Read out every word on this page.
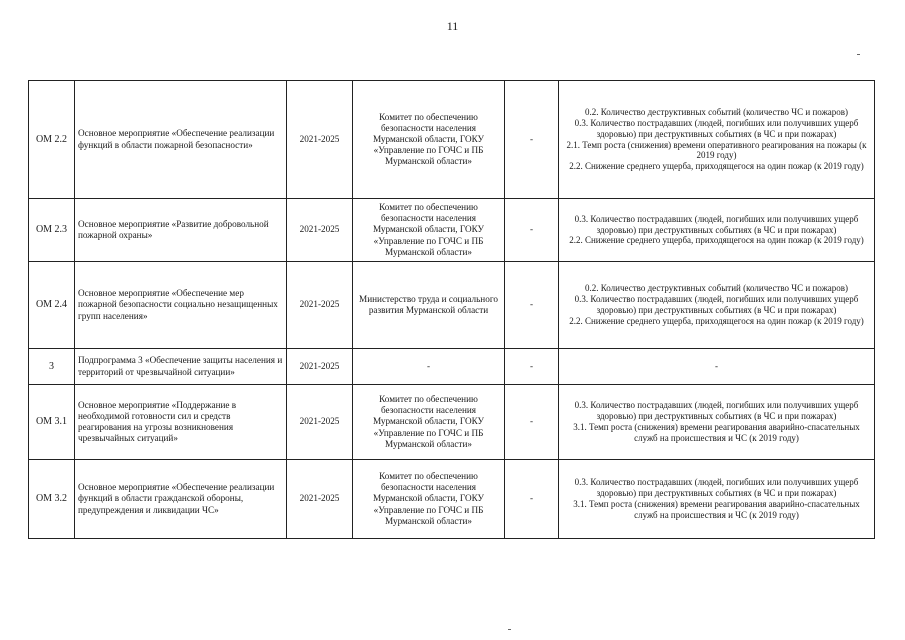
11
ОМ 2.2	Основное мероприятие «Обеспечение реализации функций в области пожарной безопасности»	2021-2025	Комитет по обеспечению безопасности населения Мурманской области, ГОКУ «Управление по ГОЧС и ПБ Мурманской области»	-	0.2. Количество деструктивных событий (количество ЧС и пожаров)
0.3. Количество пострадавших (людей, погибших или получивших ущерб здоровью) при деструктивных событиях (в ЧС и при пожарах)
2.1. Темп роста (снижения) времени оперативного реагирования на пожары (к 2019 году)
2.2. Снижение среднего ущерба, приходящегося на один пожар (к 2019 году)

ОМ 2.3	Основное мероприятие «Развитие добровольной пожарной охраны»	2021-2025	Комитет по обеспечению безопасности населения Мурманской области, ГОКУ «Управление по ГОЧС и ПБ Мурманской области»	-	0.3. Количество пострадавших (людей, погибших или получивших ущерб здоровью) при деструктивных событиях (в ЧС и при пожарах)
2.2. Снижение среднего ущерба, приходящегося на один пожар (к 2019 году)

ОМ 2.4	Основное мероприятие «Обеспечение мер пожарной безопасности социально незащищенных групп населения»	2021-2025	Министерство труда и социального развития Мурманской области	-	0.2. Количество деструктивных событий (количество ЧС и пожаров)
0.3. Количество пострадавших (людей, погибших или получивших ущерб здоровью) при деструктивных событиях (в ЧС и при пожарах)
2.2. Снижение среднего ущерба, приходящегося на один пожар (к 2019 году)

3	Подпрограмма 3 «Обеспечение защиты населения и территорий от чрезвычайной ситуации»	2021-2025	-	-	-

ОМ 3.1	Основное мероприятие «Поддержание в необходимой готовности сил и средств реагирования на угрозы возникновения чрезвычайных ситуаций»	2021-2025	Комитет по обеспечению безопасности населения Мурманской области, ГОКУ «Управление по ГОЧС и ПБ Мурманской области»	-	0.3. Количество пострадавших (людей, погибших или получивших ущерб здоровью) при деструктивных событиях (в ЧС и при пожарах)
3.1. Темп роста (снижения) времени реагирования аварийно-спасательных служб на происшествия и ЧС (к 2019 году)

ОМ 3.2	Основное мероприятие «Обеспечение реализации функций в области гражданской обороны, предупреждения и ликвидации ЧС»	2021-2025	Комитет по обеспечению безопасности населения Мурманской области, ГОКУ «Управление по ГОЧС и ПБ Мурманской области»	-	0.3. Количество пострадавших (людей, погибших или получивших ущерб здоровью) при деструктивных событиях (в ЧС и при пожарах)
3.1. Темп роста (снижения) времени реагирования аварийно-спасательных служб на происшествия и ЧС (к 2019 году)
